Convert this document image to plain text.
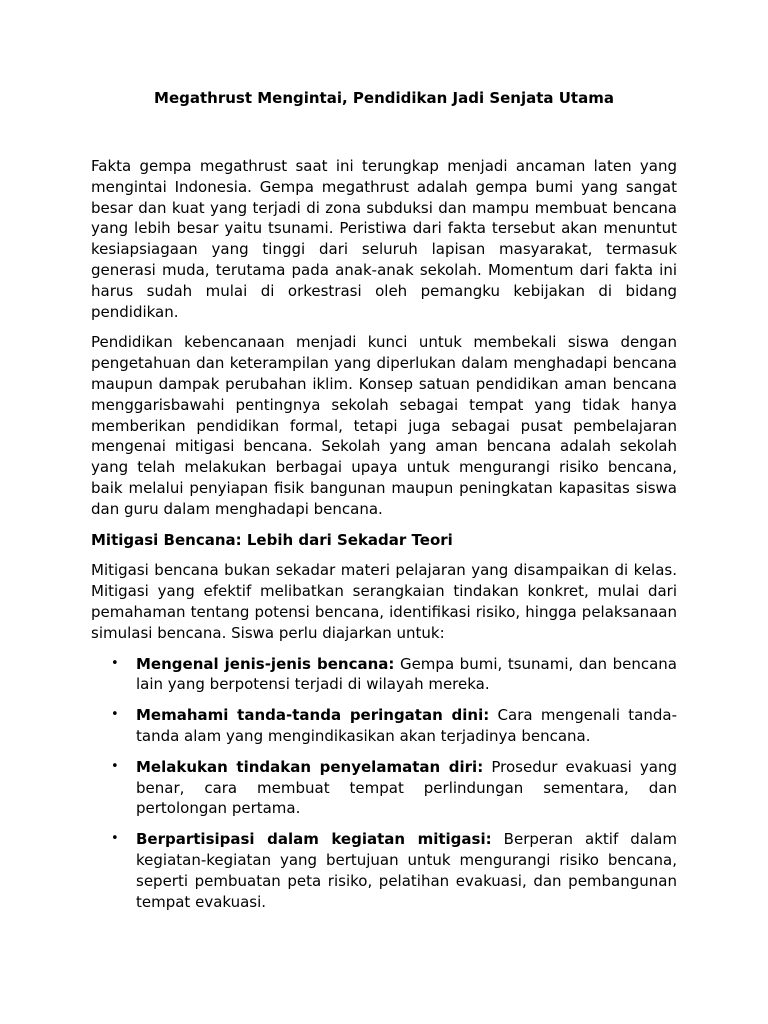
Megathrust Mengintai, Pendidikan Jadi Senjata Utama

Fakta gempa megathrust saat ini terungkap menjadi ancaman laten yang mengintai Indonesia. Gempa megathrust adalah gempa bumi yang sangat besar dan kuat yang terjadi di zona subduksi dan mampu membuat bencana yang lebih besar yaitu tsunami. Peristiwa dari fakta tersebut akan menuntut kesiapsiagaan yang tinggi dari seluruh lapisan masyarakat, termasuk generasi muda, terutama pada anak-anak sekolah. Momentum dari fakta ini harus sudah mulai di orkestrasi oleh pemangku kebijakan di bidang pendidikan.

Pendidikan kebencanaan menjadi kunci untuk membekali siswa dengan pengetahuan dan keterampilan yang diperlukan dalam menghadapi bencana maupun dampak perubahan iklim. Konsep satuan pendidikan aman bencana menggarisbawahi pentingnya sekolah sebagai tempat yang tidak hanya memberikan pendidikan formal, tetapi juga sebagai pusat pembelajaran mengenai mitigasi bencana. Sekolah yang aman bencana adalah sekolah yang telah melakukan berbagai upaya untuk mengurangi risiko bencana, baik melalui penyiapan fisik bangunan maupun peningkatan kapasitas siswa dan guru dalam menghadapi bencana.

Mitigasi Bencana: Lebih dari Sekadar Teori

Mitigasi bencana bukan sekadar materi pelajaran yang disampaikan di kelas. Mitigasi yang efektif melibatkan serangkaian tindakan konkret, mulai dari pemahaman tentang potensi bencana, identifikasi risiko, hingga pelaksanaan simulasi bencana. Siswa perlu diajarkan untuk:

• Mengenal jenis-jenis bencana: Gempa bumi, tsunami, dan bencana lain yang berpotensi terjadi di wilayah mereka.
• Memahami tanda-tanda peringatan dini: Cara mengenali tanda-tanda alam yang mengindikasikan akan terjadinya bencana.
• Melakukan tindakan penyelamatan diri: Prosedur evakuasi yang benar, cara membuat tempat perlindungan sementara, dan pertolongan pertama.
• Berpartisipasi dalam kegiatan mitigasi: Berperan aktif dalam kegiatan-kegiatan yang bertujuan untuk mengurangi risiko bencana, seperti pembuatan peta risiko, pelatihan evakuasi, dan pembangunan tempat evakuasi.
